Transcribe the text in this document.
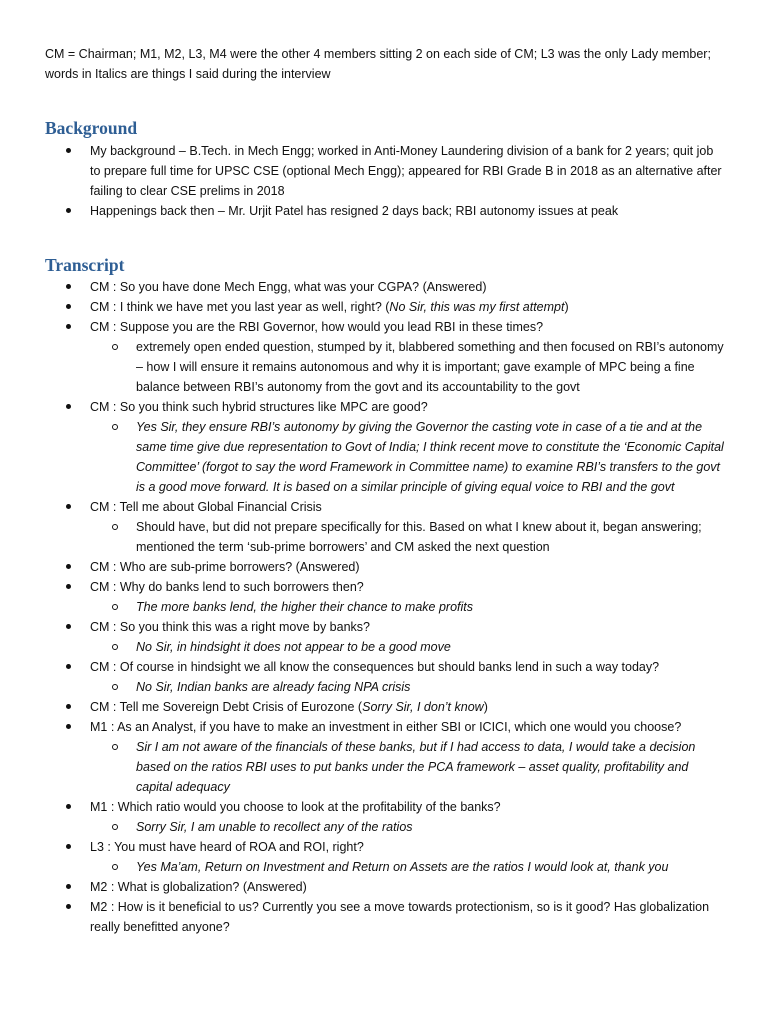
CM = Chairman; M1, M2, L3, M4 were the other 4 members sitting 2 on each side of CM; L3 was the only Lady member; words in Italics are things I said during the interview

Background
My background – B.Tech. in Mech Engg; worked in Anti-Money Laundering division of a bank for 2 years; quit job to prepare full time for UPSC CSE (optional Mech Engg); appeared for RBI Grade B in 2018 as an alternative after failing to clear CSE prelims in 2018
Happenings back then – Mr. Urjit Patel has resigned 2 days back; RBI autonomy issues at peak
Transcript
CM : So you have done Mech Engg, what was your CGPA? (Answered)
CM : I think we have met you last year as well, right? (No Sir, this was my first attempt)
CM : Suppose you are the RBI Governor, how would you lead RBI in these times?
extremely open ended question, stumped by it, blabbered something and then focused on RBI’s autonomy – how I will ensure it remains autonomous and why it is important; gave example of MPC being a fine balance between RBI’s autonomy from the govt and its accountability to the govt
CM : So you think such hybrid structures like MPC are good?
Yes Sir, they ensure RBI’s autonomy by giving the Governor the casting vote in case of a tie and at the same time give due representation to Govt of India; I think recent move to constitute the ‘Economic Capital Committee’ (forgot to say the word Framework in Committee name) to examine RBI’s transfers to the govt is a good move forward. It is based on a similar principle of giving equal voice to RBI and the govt
CM : Tell me about Global Financial Crisis
Should have, but did not prepare specifically for this. Based on what I knew about it, began answering; mentioned the term ‘sub-prime borrowers’ and CM asked the next question
CM : Who are sub-prime borrowers? (Answered)
CM : Why do banks lend to such borrowers then?
The more banks lend, the higher their chance to make profits
CM : So you think this was a right move by banks?
No Sir, in hindsight it does not appear to be a good move
CM : Of course in hindsight we all know the consequences but should banks lend in such a way today?
No Sir, Indian banks are already facing NPA crisis
CM : Tell me Sovereign Debt Crisis of Eurozone (Sorry Sir, I don’t know)
M1 : As an Analyst, if you have to make an investment in either SBI or ICICI, which one would you choose?
Sir I am not aware of the financials of these banks, but if I had access to data, I would take a decision based on the ratios RBI uses to put banks under the PCA framework – asset quality, profitability and capital adequacy
M1 : Which ratio would you choose to look at the profitability of the banks?
Sorry Sir, I am unable to recollect any of the ratios
L3 : You must have heard of ROA and ROI, right?
Yes Ma’am, Return on Investment and Return on Assets are the ratios I would look at, thank you
M2 : What is globalization? (Answered)
M2 : How is it beneficial to us? Currently you see a move towards protectionism, so is it good? Has globalization really benefitted anyone?
